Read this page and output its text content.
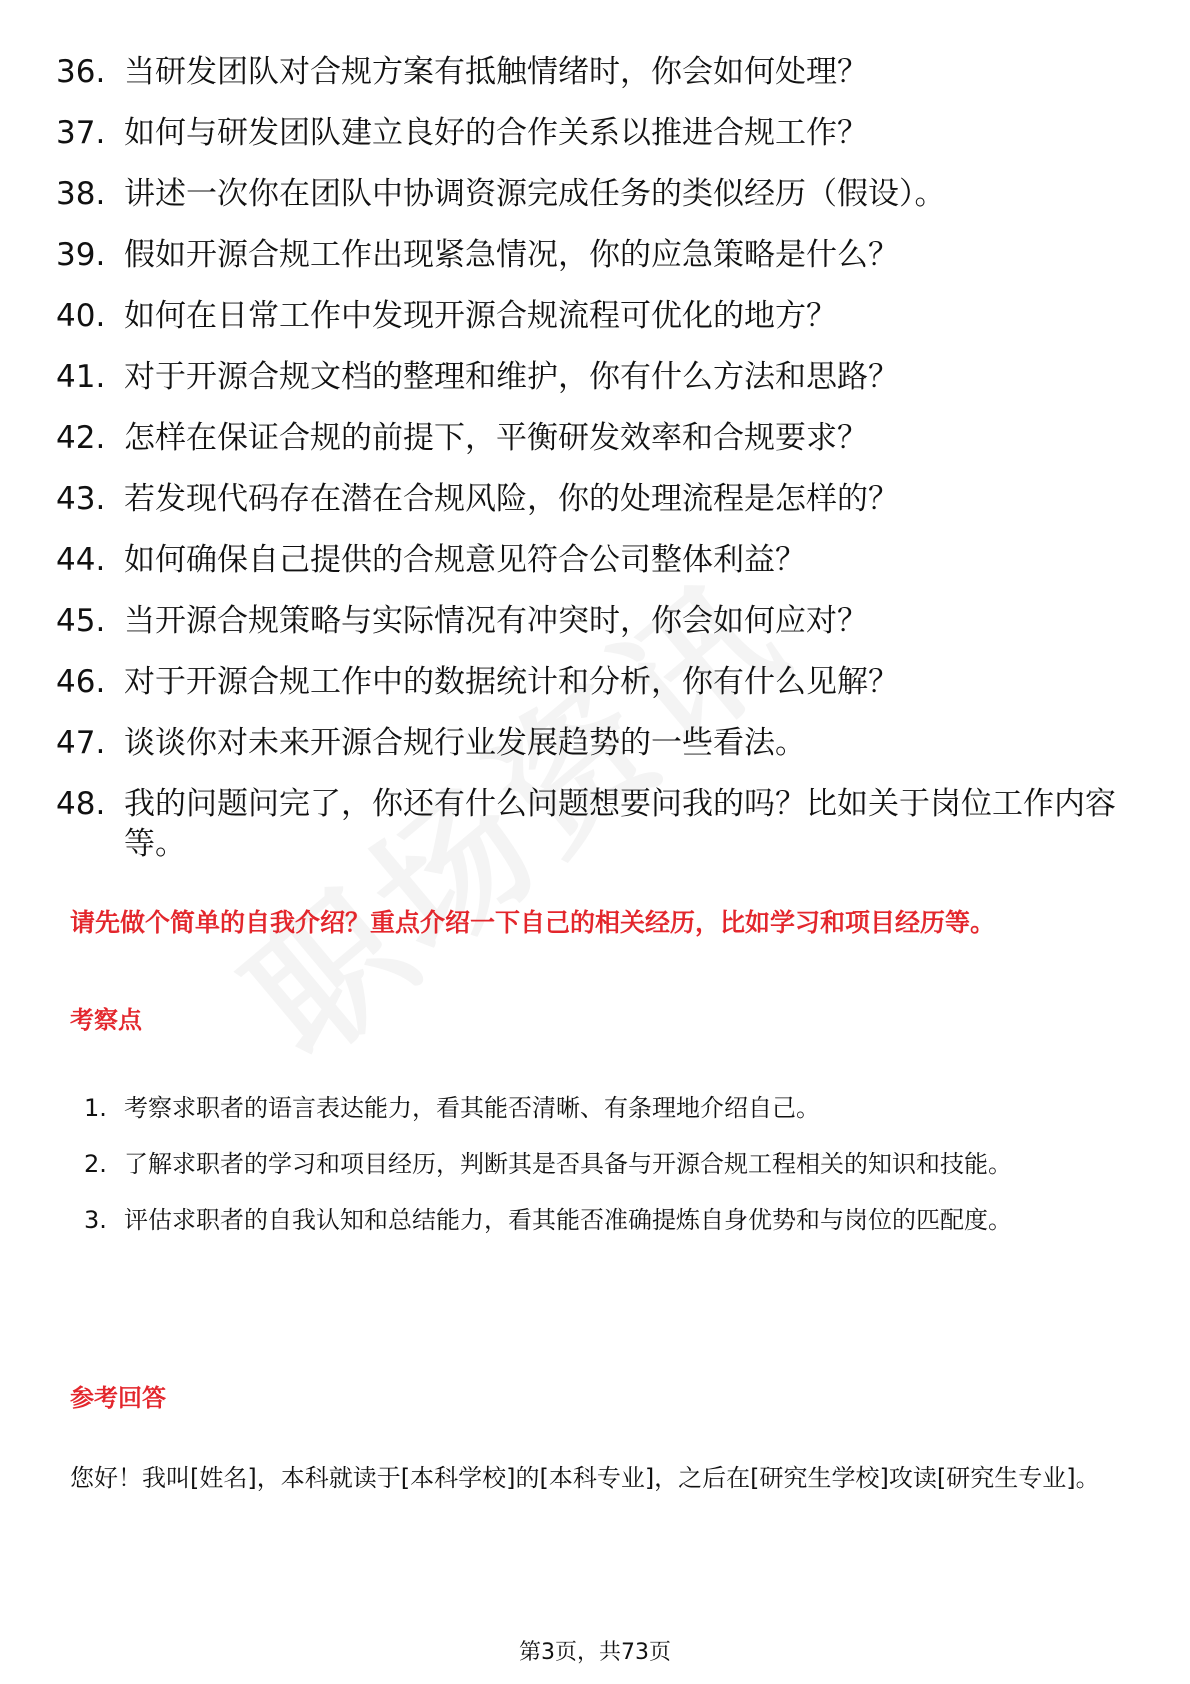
36. 当研发团队对合规方案有抵触情绪时，你会如何处理？
37. 如何与研发团队建立良好的合作关系以推进合规工作？
38. 讲述一次你在团队中协调资源完成任务的类似经历（假设）。
39. 假如开源合规工作出现紧急情况，你的应急策略是什么？
40. 如何在日常工作中发现开源合规流程可优化的地方？
41. 对于开源合规文档的整理和维护，你有什么方法和思路？
42. 怎样在保证合规的前提下，平衡研发效率和合规要求？
43. 若发现代码存在潜在合规风险，你的处理流程是怎样的？
44. 如何确保自己提供的合规意见符合公司整体利益？
45. 当开源合规策略与实际情况有冲突时，你会如何应对？
46. 对于开源合规工作中的数据统计和分析，你有什么见解？
47. 谈谈你对未来开源合规行业发展趋势的一些看法。
48. 我的问题问完了，你还有什么问题想要问我的吗？比如关于岗位工作内容等。
请先做个简单的自我介绍？重点介绍一下自己的相关经历，比如学习和项目经历等。
考察点
1. 考察求职者的语言表达能力，看其能否清晰、有条理地介绍自己。
2. 了解求职者的学习和项目经历，判断其是否具备与开源合规工程相关的知识和技能。
3. 评估求职者的自我认知和总结能力，看其能否准确提炼自身优势和与岗位的匹配度。
参考回答
您好！我叫[姓名]，本科就读于[本科学校]的[本科专业]，之后在[研究生学校]攻读[研究生专业]。
第3页，共73页
